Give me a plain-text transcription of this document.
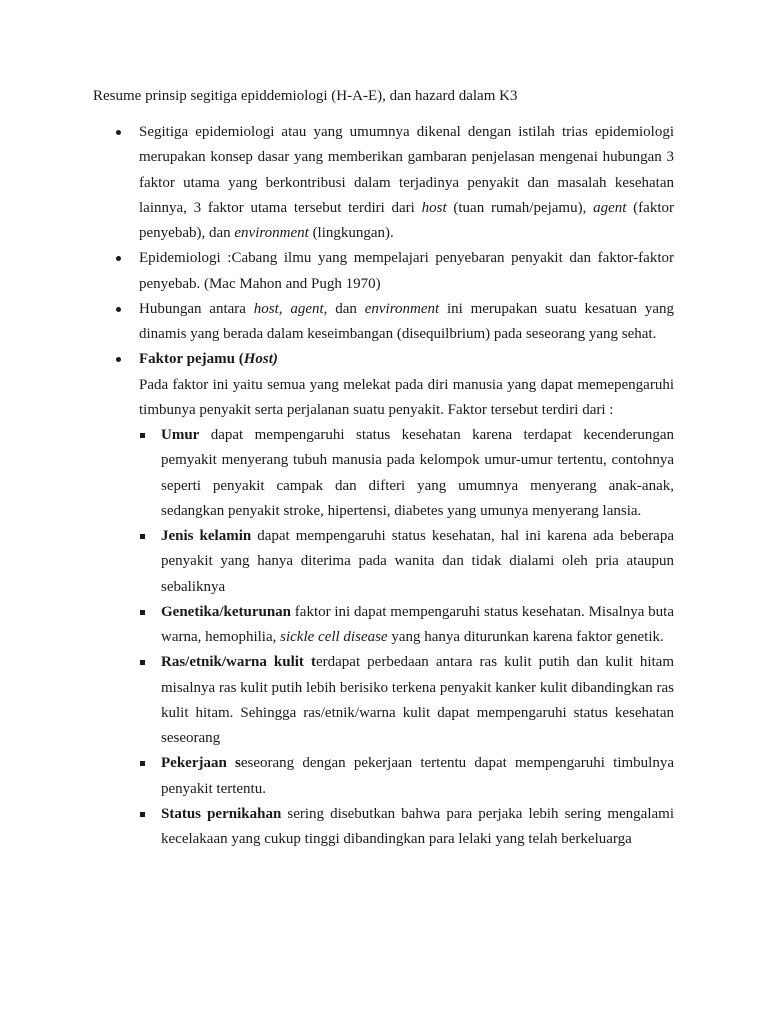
Resume prinsip segitiga epiddemiologi (H-A-E), dan hazard dalam K3

Segitiga epidemiologi atau yang umumnya dikenal dengan istilah trias epidemiologi merupakan konsep dasar yang memberikan gambaran penjelasan mengenai hubungan 3 faktor utama yang berkontribusi dalam terjadinya penyakit dan masalah kesehatan lainnya, 3 faktor utama tersebut terdiri dari host (tuan rumah/pejamu), agent (faktor penyebab), dan environment (lingkungan).

Epidemiologi :Cabang ilmu yang mempelajari penyebaran penyakit dan faktor-faktor penyebab. (Mac Mahon and Pugh 1970)

Hubungan antara host, agent, dan environment ini merupakan suatu kesatuan yang dinamis yang berada dalam keseimbangan (disequilbrium) pada seseorang yang sehat.

Faktor pejamu (Host)

Pada faktor ini yaitu semua yang melekat pada diri manusia yang dapat memepengaruhi timbunya penyakit serta perjalanan suatu penyakit. Faktor tersebut terdiri dari :

Umur dapat mempengaruhi status kesehatan karena terdapat kecenderungan pemyakit menyerang tubuh manusia pada kelompok umur-umur tertentu, contohnya seperti penyakit campak dan difteri yang umumnya menyerang anak-anak, sedangkan penyakit stroke, hipertensi, diabetes yang umunya menyerang lansia.

Jenis kelamin dapat mempengaruhi status kesehatan, hal ini karena ada beberapa penyakit yang hanya diterima pada wanita dan tidak dialami oleh pria ataupun sebaliknya

Genetika/keturunan faktor ini dapat mempengaruhi status kesehatan. Misalnya buta warna, hemophilia, sickle cell disease yang hanya diturunkan karena faktor genetik.

Ras/etnik/warna kulit terdapat perbedaan antara ras kulit putih dan kulit hitam misalnya ras kulit putih lebih berisiko terkena penyakit kanker kulit dibandingkan ras kulit hitam. Sehingga ras/etnik/warna kulit dapat mempengaruhi status kesehatan seseorang

Pekerjaan seseorang dengan pekerjaan tertentu dapat mempengaruhi timbulnya penyakit tertentu.

Status pernikahan sering disebutkan bahwa para perjaka lebih sering mengalami kecelakaan yang cukup tinggi dibandingkan para lelaki yang telah berkeluarga
